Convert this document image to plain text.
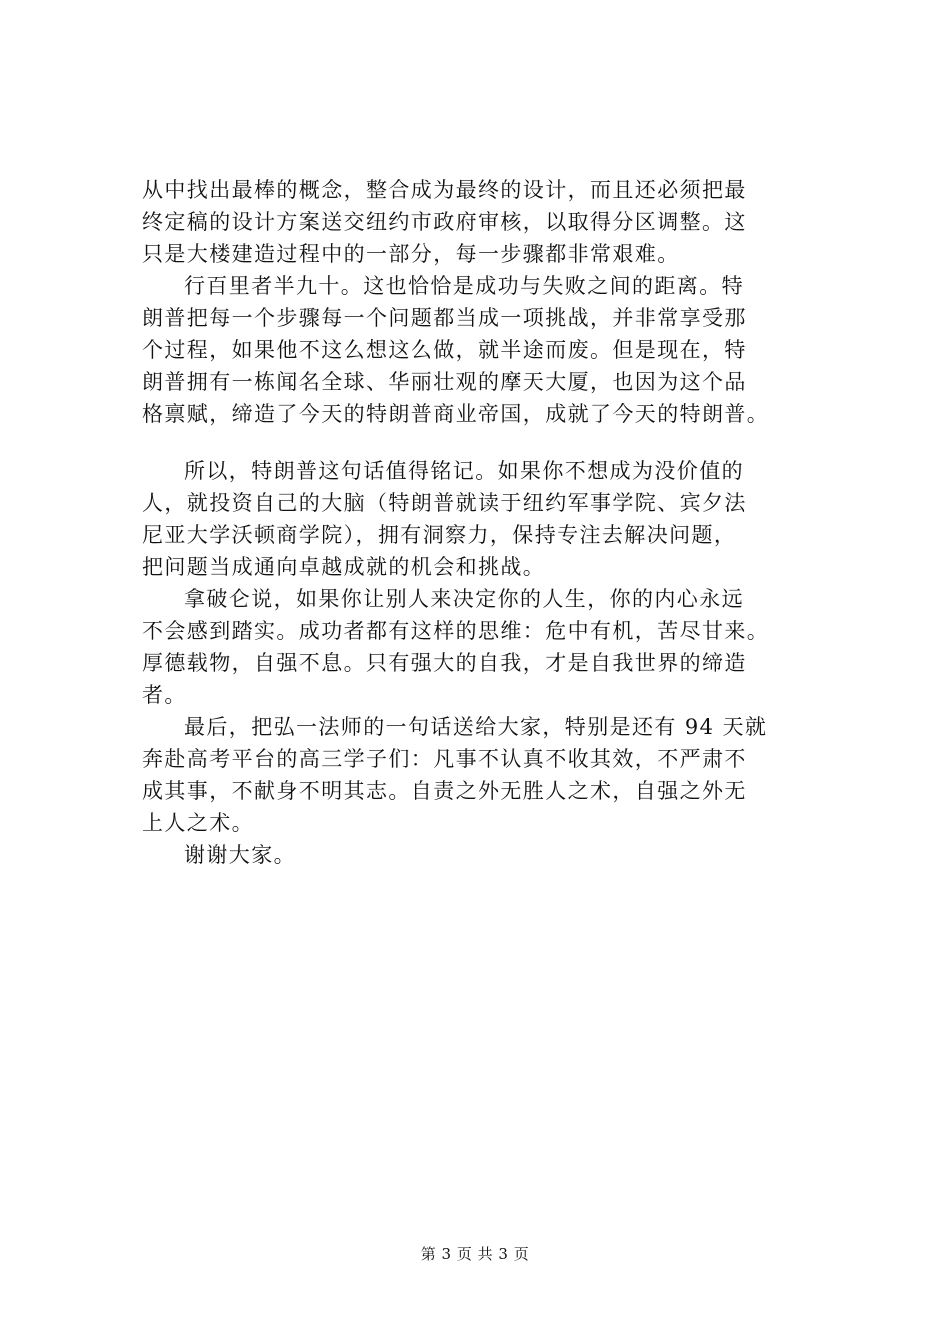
从中找出最棒的概念，整合成为最终的设计，而且还必须把最
终定稿的设计方案送交纽约市政府审核，以取得分区调整。这
只是大楼建造过程中的一部分，每一步骤都非常艰难。
行百里者半九十。这也恰恰是成功与失败之间的距离。特
朗普把每一个步骤每一个问题都当成一项挑战，并非常享受那
个过程，如果他不这么想这么做，就半途而废。但是现在，特
朗普拥有一栋闻名全球、华丽壮观的摩天大厦，也因为这个品
格禀赋，缔造了今天的特朗普商业帝国，成就了今天的特朗普。
所以，特朗普这句话值得铭记。如果你不想成为没价值的
人，就投资自己的大脑（特朗普就读于纽约军事学院、宾夕法
尼亚大学沃顿商学院），拥有洞察力，保持专注去解决问题，
把问题当成通向卓越成就的机会和挑战。
拿破仑说，如果你让别人来决定你的人生，你的内心永远
不会感到踏实。成功者都有这样的思维：危中有机，苦尽甘来。
厚德载物，自强不息。只有强大的自我，才是自我世界的缔造
者。
最后，把弘一法师的一句话送给大家，特别是还有 94 天就
奔赴高考平台的高三学子们：凡事不认真不收其效，不严肃不
成其事，不献身不明其志。自责之外无胜人之术，自强之外无
上人之术。
谢谢大家。
第 3 页 共 3 页
